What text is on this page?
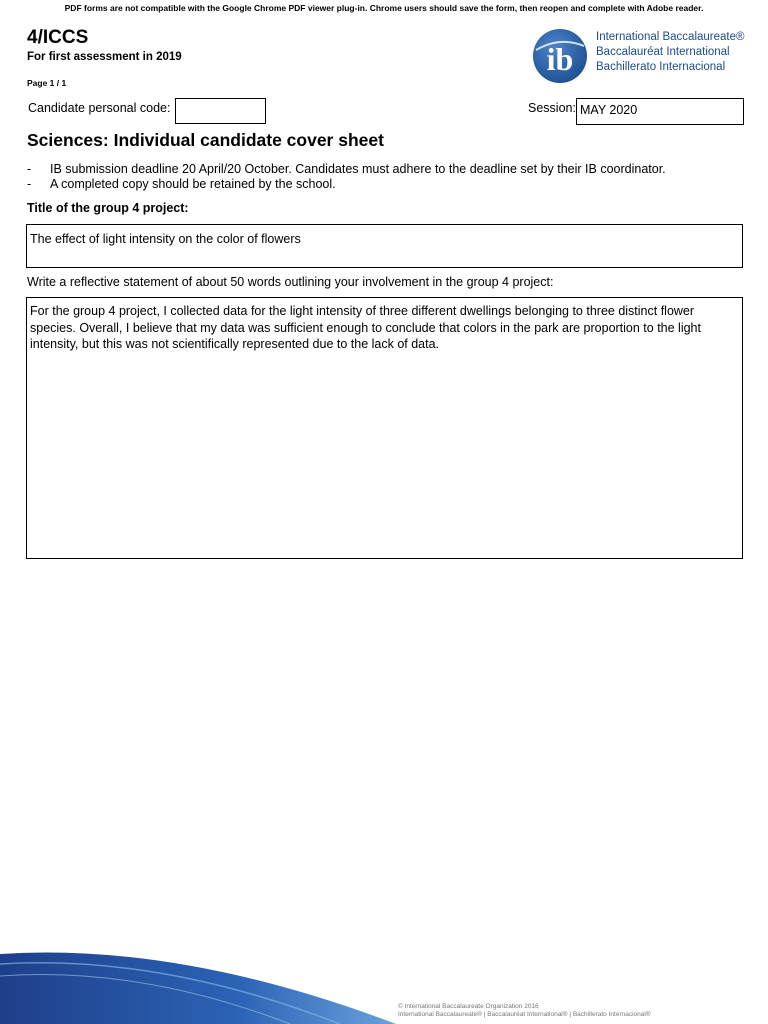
PDF forms are not compatible with the Google Chrome PDF viewer plug-in. Chrome users should save the form, then reopen and complete with Adobe reader.
4/ICCS
For first assessment in 2019
Page 1 / 1
ib
International Baccalaureate®
Baccalauréat International
Bachillerato Internacional
Candidate personal code:	Session: MAY 2020
Sciences: Individual candidate cover sheet
-	IB submission deadline 20 April/20 October. Candidates must adhere to the deadline set by their IB coordinator.
-	A completed copy should be retained by the school.
Title of the group 4 project:
The effect of light intensity on the color of flowers
Write a reflective statement of about 50 words outlining your involvement in the group 4 project:
For the group 4 project, I collected data for the light intensity of three different dwellings belonging to three distinct flower species. Overall, I believe that my data was sufficient enough to conclude that colors in the park are proportion to the light intensity, but this was not scientifically represented due to the lack of data.
© International Baccalaureate Organization 2016
International Baccalaureate® | Baccalauréat International® | Bachillerato Internacional®
